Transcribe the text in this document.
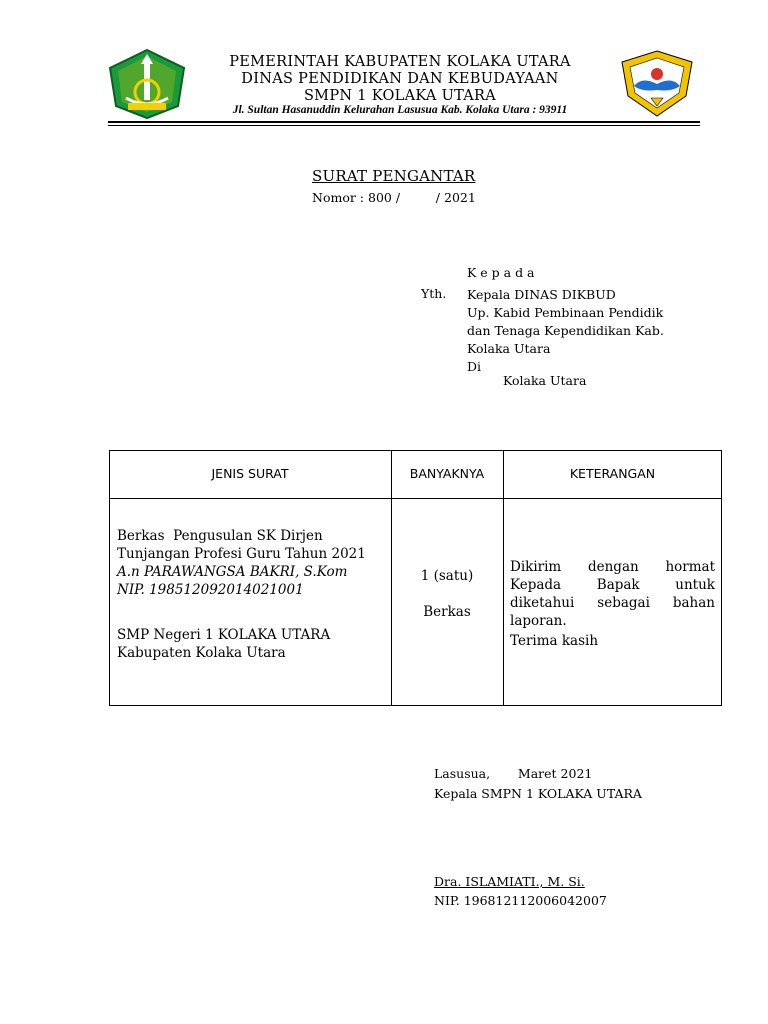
PEMERINTAH KABUPATEN KOLAKA UTARA
DINAS PENDIDIKAN DAN KEBUDAYAAN
SMPN 1 KOLAKA UTARA
Jl. Sultan Hasanuddin Kelurahan Lasusua Kab. Kolaka Utara : 93911
SURAT PENGANTAR
Nomor : 800 /         / 2021
K e p a d a
Yth. Kepala DINAS DIKBUD
Up. Kabid Pembinaan Pendidik
dan Tenaga Kependidikan Kab.
Kolaka Utara
Di
Kolaka Utara
JENIS SURAT	BANYAKNYA	KETERANGAN
Berkas  Pengusulan SK Dirjen
Tunjangan Profesi Guru Tahun 2021
A.n PARAWANGSA BAKRI, S.Kom
NIP. 198512092014021001
SMP Negeri 1 KOLAKA UTARA
Kabupaten Kolaka Utara
1 (satu)
Berkas
Dikirim dengan hormat Kepada Bapak untuk diketahui sebagai bahan laporan.
Terima kasih
Lasusua,       Maret 2021
Kepala SMPN 1 KOLAKA UTARA
Dra. ISLAMIATI., M. Si.
NIP. 196812112006042007
